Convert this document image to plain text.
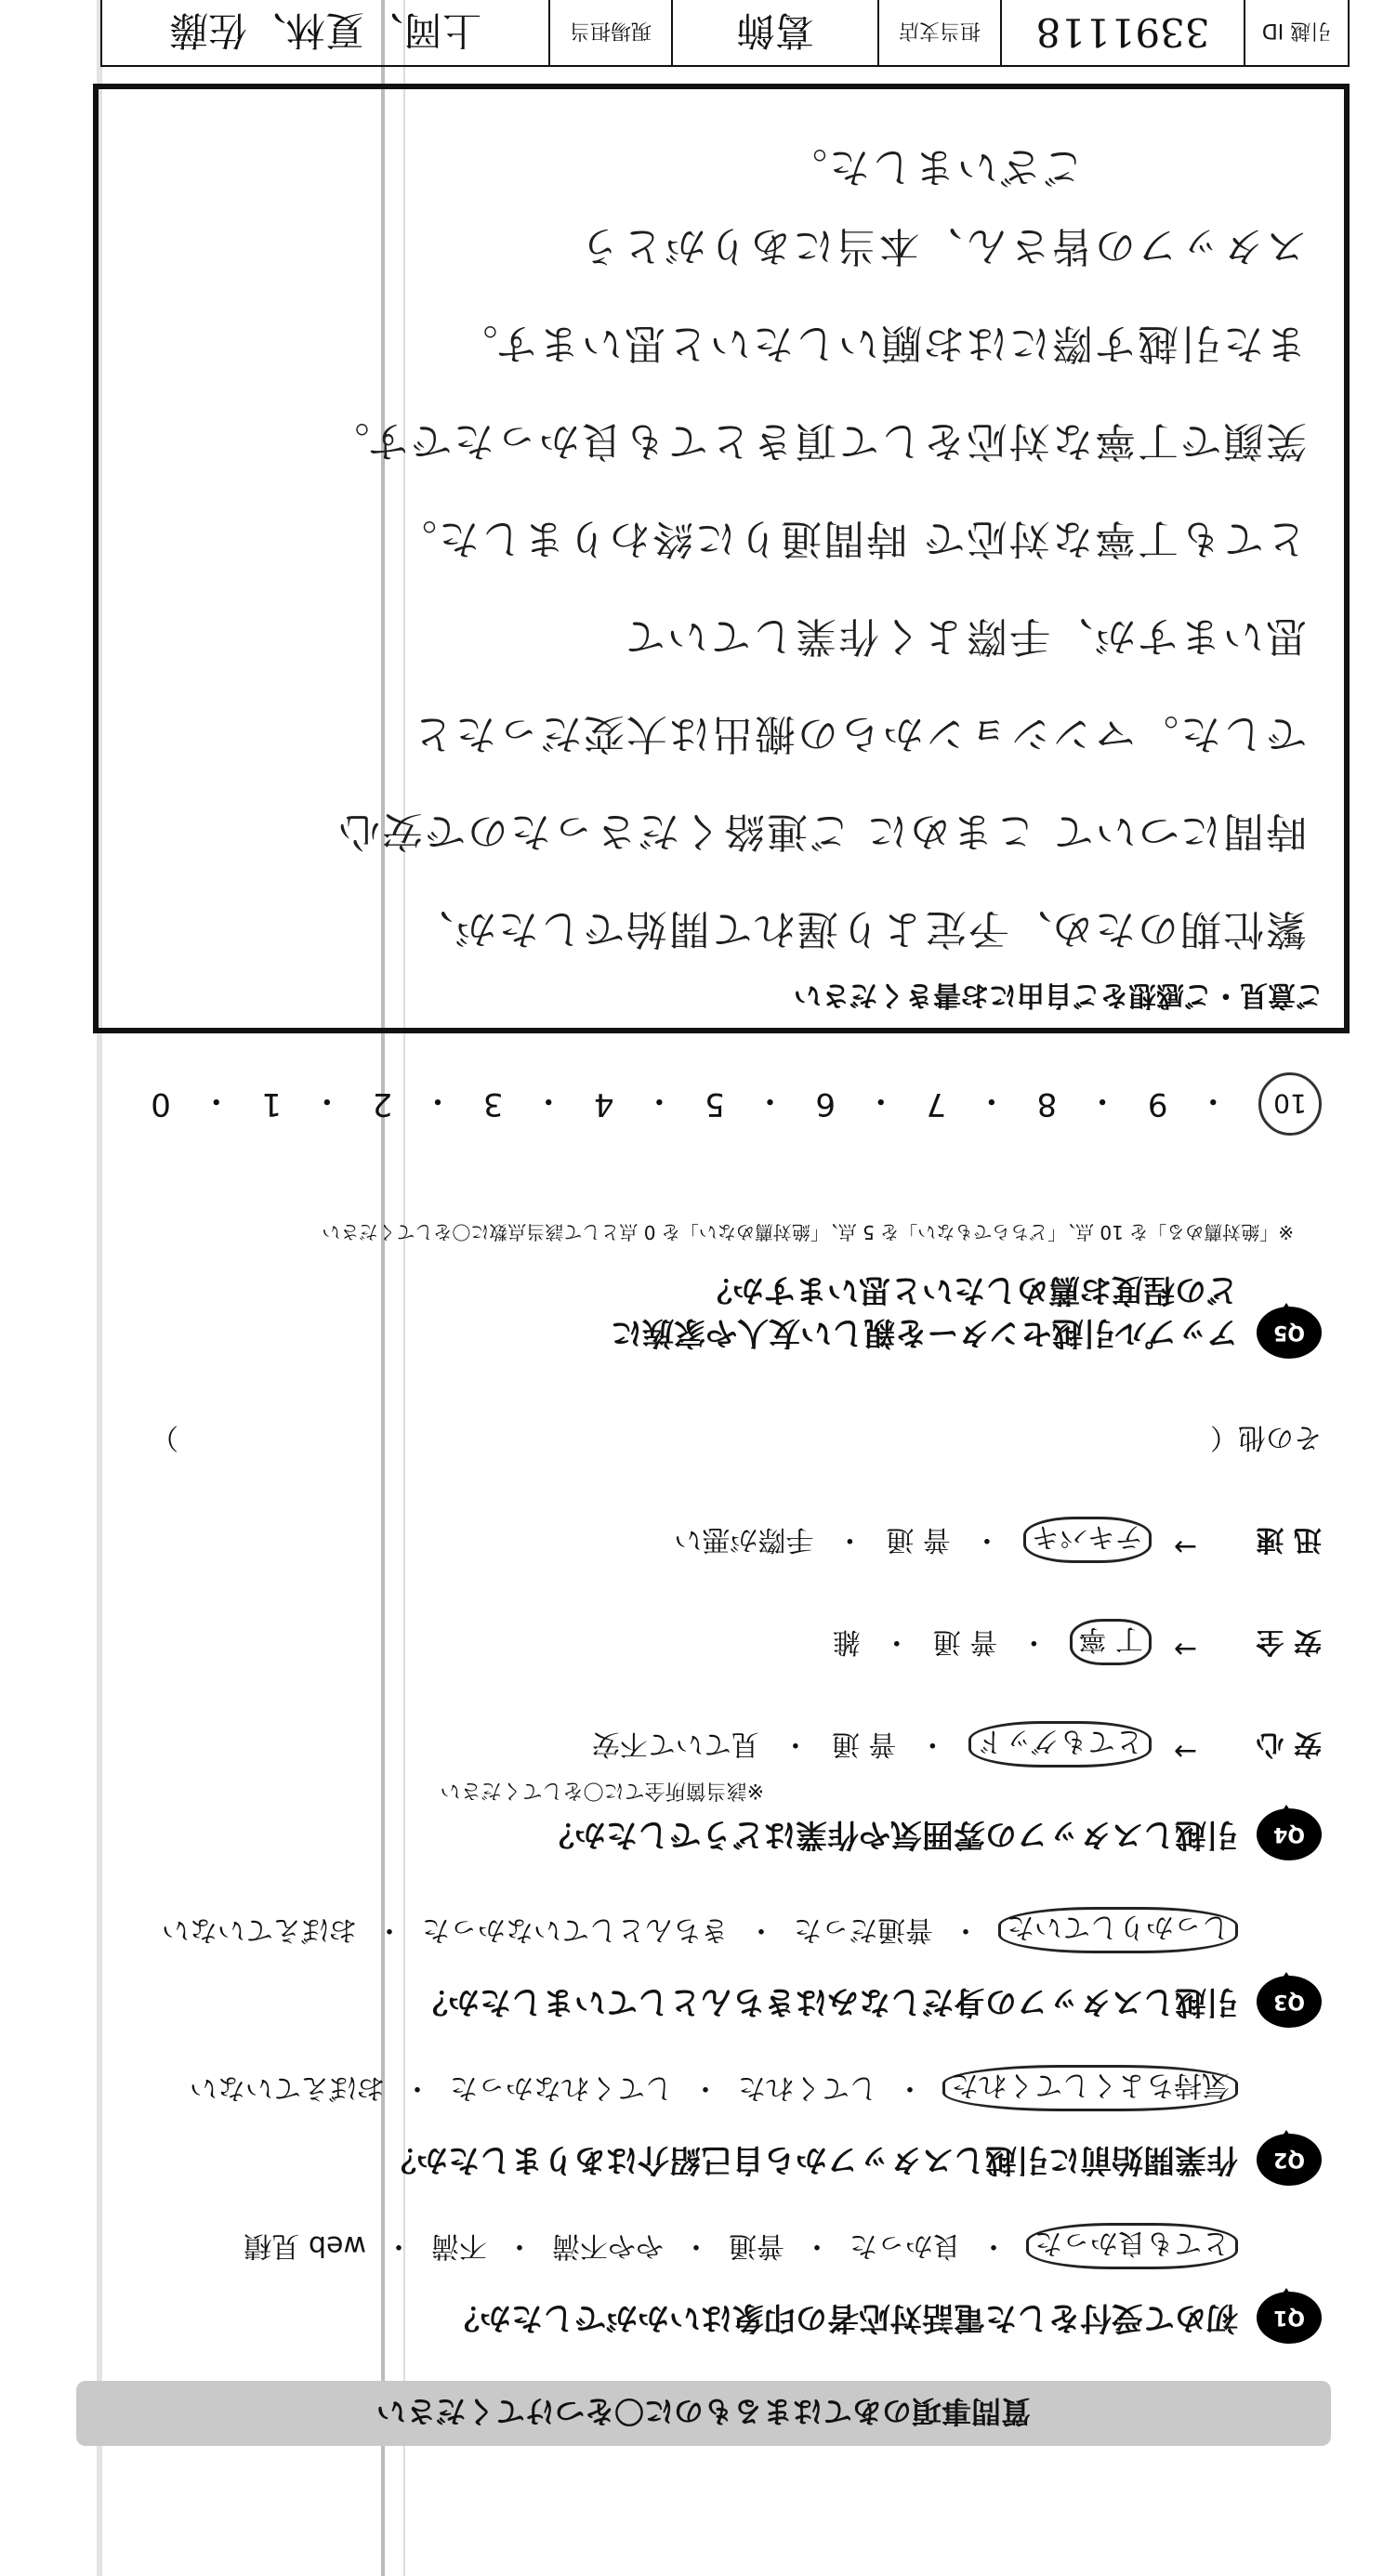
質問事項のあてはまるものに〇をつけてください
Q1
初めて受付をした電話対応者の印象はいかがでしたか？
とても良かった
・
良かった
・
普通
・
やや不満
・
不満
・
web 見積
Q2
作業開始前に引越しスタッフから自己紹介はありましたか？
気持ちよくしてくれた
・
してくれた
・
してくれなかった
・
おぼえていない
Q3
引越しスタッフの身だしなみはきちんとしていましたか？
しっかりしていた
・
普通だった
・
きちんとしていなかった
・
おぼえていない
Q4
引越しスタッフの雰囲気や作業はどうでしたか？
※該当箇所全てに〇をしてください
安 心
→
とてもグッド
・
普 通
・
見ていて不安
安 全
→
丁 寧
・
普 通
・
雑
迅 速
→
テキパキ
・
普 通
・
手際が悪い
その他（
）
Q5
アップル引越センターを親しい友人や家族に
どの程度お薦めしたいと思いますか？
※「絶対薦める」を 10 点、「どちらでもない」を 5 点、「絶対薦めない」を 0 点として該当点数に〇をしてください
10
・
9
・
8
・
7
・
6
・
5
・
4
・
3
・
2
・
1
・
0
ご意見・ご感想をご自由にお書きください
繁忙期のため、予定より遅れて開始でしたが、
時間について こまめに ご連絡くださったので安心
でした。マンションからの搬出は大変だったと
思いますが、手際よく作業していて
とても丁寧な対応で 時間通りに終わりました。
笑顔で丁寧な対応をして頂きとても良かったです。
また引越す際にはお願いしたいと思います。
スタッフの皆さん、本当にありがとう
ございました。
引越 ID
3391118
担当支店
葛飾
現場担当
上岡、夏林、佐藤
